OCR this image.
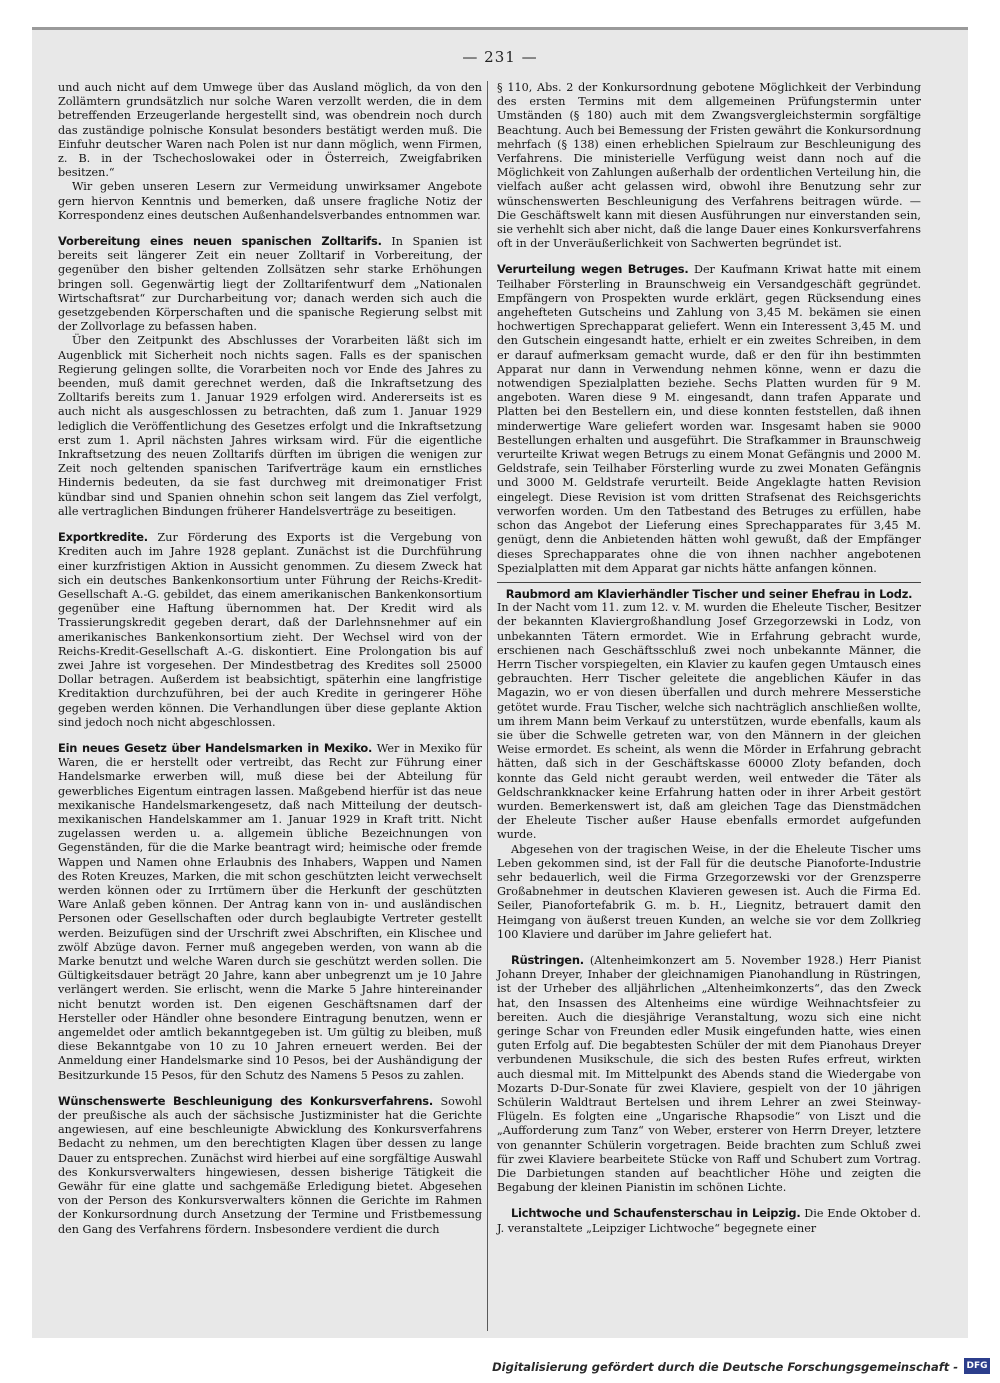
— 231 —

und auch nicht auf dem Umwege über das Ausland möglich, da von den Zollämtern grundsätzlich nur solche Waren verzollt werden, die in dem betreffenden Erzeugerlande hergestellt sind, was obendrein noch durch das zuständige polnische Konsulat besonders bestätigt werden muß. Die Einfuhr deutscher Waren nach Polen ist nur dann möglich, wenn Firmen, z. B. in der Tschechoslowakei oder in Österreich, Zweigfabriken besitzen.“

Wir geben unseren Lesern zur Vermeidung unwirksamer Angebote gern hiervon Kenntnis und bemerken, daß unsere fragliche Notiz der Korrespondenz eines deutschen Außenhandelsverbandes entnommen war.

Vorbereitung eines neuen spanischen Zolltarifs. In Spanien ist bereits seit längerer Zeit ein neuer Zolltarif in Vorbereitung, der gegenüber den bisher geltenden Zollsätzen sehr starke Erhöhungen bringen soll. Gegenwärtig liegt der Zolltarifentwurf dem „Nationalen Wirtschaftsrat“ zur Durcharbeitung vor; danach werden sich auch die gesetzgebenden Körperschaften und die spanische Regierung selbst mit der Zollvorlage zu befassen haben.

Über den Zeitpunkt des Abschlusses der Vorarbeiten läßt sich im Augenblick mit Sicherheit noch nichts sagen. Falls es der spanischen Regierung gelingen sollte, die Vorarbeiten noch vor Ende des Jahres zu beenden, muß damit gerechnet werden, daß die Inkraftsetzung des Zolltarifs bereits zum 1. Januar 1929 erfolgen wird. Andererseits ist es auch nicht als ausgeschlossen zu betrachten, daß zum 1. Januar 1929 lediglich die Veröffentlichung des Gesetzes erfolgt und die Inkraftsetzung erst zum 1. April nächsten Jahres wirksam wird. Für die eigentliche Inkraftsetzung des neuen Zolltarifs dürften im übrigen die wenigen zur Zeit noch geltenden spanischen Tarifverträge kaum ein ernstliches Hindernis bedeuten, da sie fast durchweg mit dreimonatiger Frist kündbar sind und Spanien ohnehin schon seit langem das Ziel verfolgt, alle vertraglichen Bindungen früherer Handelsverträge zu beseitigen.

Exportkredite. Zur Förderung des Exports ist die Vergebung von Krediten auch im Jahre 1928 geplant. Zunächst ist die Durchführung einer kurzfristigen Aktion in Aussicht genommen. Zu diesem Zweck hat sich ein deutsches Bankenkonsortium unter Führung der Reichs-Kredit-Gesellschaft A.-G. gebildet, das einem amerikanischen Bankenkonsortium gegenüber eine Haftung übernommen hat. Der Kredit wird als Trassierungskredit gegeben derart, daß der Darlehnsnehmer auf ein amerikanisches Bankenkonsortium zieht. Der Wechsel wird von der Reichs-Kredit-Gesellschaft A.-G. diskontiert. Eine Prolongation bis auf zwei Jahre ist vorgesehen. Der Mindestbetrag des Kredites soll 25000 Dollar betragen. Außerdem ist beabsichtigt, späterhin eine langfristige Kreditaktion durchzuführen, bei der auch Kredite in geringerer Höhe gegeben werden können. Die Verhandlungen über diese geplante Aktion sind jedoch noch nicht abgeschlossen.

Ein neues Gesetz über Handelsmarken in Mexiko. Wer in Mexiko für Waren, die er herstellt oder vertreibt, das Recht zur Führung einer Handelsmarke erwerben will, muß diese bei der Abteilung für gewerbliches Eigentum eintragen lassen. Maßgebend hierfür ist das neue mexikanische Handelsmarkengesetz, daß nach Mitteilung der deutsch-mexikanischen Handelskammer am 1. Januar 1929 in Kraft tritt. Nicht zugelassen werden u. a. allgemein übliche Bezeichnungen von Gegenständen, für die die Marke beantragt wird; heimische oder fremde Wappen und Namen ohne Erlaubnis des Inhabers, Wappen und Namen des Roten Kreuzes, Marken, die mit schon geschützten leicht verwechselt werden können oder zu Irrtümern über die Herkunft der geschützten Ware Anlaß geben können. Der Antrag kann von in- und ausländischen Personen oder Gesellschaften oder durch beglaubigte Vertreter gestellt werden. Beizufügen sind der Urschrift zwei Abschriften, ein Klischee und zwölf Abzüge davon. Ferner muß angegeben werden, von wann ab die Marke benutzt und welche Waren durch sie geschützt werden sollen. Die Gültigkeitsdauer beträgt 20 Jahre, kann aber unbegrenzt um je 10 Jahre verlängert werden. Sie erlischt, wenn die Marke 5 Jahre hintereinander nicht benutzt worden ist. Den eigenen Geschäftsnamen darf der Hersteller oder Händler ohne besondere Eintragung benutzen, wenn er angemeldet oder amtlich bekanntgegeben ist. Um gültig zu bleiben, muß diese Bekanntgabe von 10 zu 10 Jahren erneuert werden. Bei der Anmeldung einer Handelsmarke sind 10 Pesos, bei der Aushändigung der Besitzurkunde 15 Pesos, für den Schutz des Namens 5 Pesos zu zahlen.

Wünschenswerte Beschleunigung des Konkursverfahrens. Sowohl der preußische als auch der sächsische Justizminister hat die Gerichte angewiesen, auf eine beschleunigte Abwicklung des Konkursverfahrens Bedacht zu nehmen, um den berechtigten Klagen über dessen zu lange Dauer zu entsprechen. Zunächst wird hierbei auf eine sorgfältige Auswahl des Konkursverwalters hingewiesen, dessen bisherige Tätigkeit die Gewähr für eine glatte und sachgemäße Erledigung bietet. Abgesehen von der Person des Konkursverwalters können die Gerichte im Rahmen der Konkursordnung durch Ansetzung der Termine und Fristbemessung den Gang des Verfahrens fördern. Insbesondere verdient die durch

§ 110, Abs. 2 der Konkursordnung gebotene Möglichkeit der Verbindung des ersten Termins mit dem allgemeinen Prüfungstermin unter Umständen (§ 180) auch mit dem Zwangsvergleichstermin sorgfältige Beachtung. Auch bei Bemessung der Fristen gewährt die Konkursordnung mehrfach (§ 138) einen erheblichen Spielraum zur Beschleunigung des Verfahrens. Die ministerielle Verfügung weist dann noch auf die Möglichkeit von Zahlungen außerhalb der ordentlichen Verteilung hin, die vielfach außer acht gelassen wird, obwohl ihre Benutzung sehr zur wünschenswerten Beschleunigung des Verfahrens beitragen würde. — Die Geschäftswelt kann mit diesen Ausführungen nur einverstanden sein, sie verhehlt sich aber nicht, daß die lange Dauer eines Konkursverfahrens oft in der Unveräußerlichkeit von Sachwerten begründet ist.

Verurteilung wegen Betruges. Der Kaufmann Kriwat hatte mit einem Teilhaber Försterling in Braunschweig ein Versandgeschäft gegründet. Empfängern von Prospekten wurde erklärt, gegen Rücksendung eines angehefteten Gutscheins und Zahlung von 3,45 M. bekämen sie einen hochwertigen Sprechapparat geliefert. Wenn ein Interessent 3,45 M. und den Gutschein eingesandt hatte, erhielt er ein zweites Schreiben, in dem er darauf aufmerksam gemacht wurde, daß er den für ihn bestimmten Apparat nur dann in Verwendung nehmen könne, wenn er dazu die notwendigen Spezialplatten beziehe. Sechs Platten wurden für 9 M. angeboten. Waren diese 9 M. eingesandt, dann trafen Apparate und Platten bei den Bestellern ein, und diese konnten feststellen, daß ihnen minderwertige Ware geliefert worden war. Insgesamt haben sie 9000 Bestellungen erhalten und ausgeführt. Die Strafkammer in Braunschweig verurteilte Kriwat wegen Betrugs zu einem Monat Gefängnis und 2000 M. Geldstrafe, sein Teilhaber Försterling wurde zu zwei Monaten Gefängnis und 3000 M. Geldstrafe verurteilt. Beide Angeklagte hatten Revision eingelegt. Diese Revision ist vom dritten Strafsenat des Reichsgerichts verworfen worden. Um den Tatbestand des Betruges zu erfüllen, habe schon das Angebot der Lieferung eines Sprechapparates für 3,45 M. genügt, denn die Anbietenden hätten wohl gewußt, daß der Empfänger dieses Sprechapparates ohne die von ihnen nachher angebotenen Spezialplatten mit dem Apparat gar nichts hätte anfangen können.

Raubmord am Klavierhändler Tischer und seiner Ehefrau in Lodz.

In der Nacht vom 11. zum 12. v. M. wurden die Eheleute Tischer, Besitzer der bekannten Klaviergroßhandlung Josef Grzegorzewski in Lodz, von unbekannten Tätern ermordet. Wie in Erfahrung gebracht wurde, erschienen nach Geschäftsschluß zwei noch unbekannte Männer, die Herrn Tischer vorspiegelten, ein Klavier zu kaufen gegen Umtausch eines gebrauchten. Herr Tischer geleitete die angeblichen Käufer in das Magazin, wo er von diesen überfallen und durch mehrere Messerstiche getötet wurde. Frau Tischer, welche sich nachträglich anschließen wollte, um ihrem Mann beim Verkauf zu unterstützen, wurde ebenfalls, kaum als sie über die Schwelle getreten war, von den Männern in der gleichen Weise ermordet. Es scheint, als wenn die Mörder in Erfahrung gebracht hätten, daß sich in der Geschäftskasse 60000 Zloty befanden, doch konnte das Geld nicht geraubt werden, weil entweder die Täter als Geldschrankknacker keine Erfahrung hatten oder in ihrer Arbeit gestört wurden. Bemerkenswert ist, daß am gleichen Tage das Dienstmädchen der Eheleute Tischer außer Hause ebenfalls ermordet aufgefunden wurde.

Abgesehen von der tragischen Weise, in der die Eheleute Tischer ums Leben gekommen sind, ist der Fall für die deutsche Pianoforte-Industrie sehr bedauerlich, weil die Firma Grzegorzewski vor der Grenzsperre Großabnehmer in deutschen Klavieren gewesen ist. Auch die Firma Ed. Seiler, Pianofortefabrik G. m. b. H., Liegnitz, betrauert damit den Heimgang von äußerst treuen Kunden, an welche sie vor dem Zollkrieg 100 Klaviere und darüber im Jahre geliefert hat.

Rüstringen. (Altenheimkonzert am 5. November 1928.) Herr Pianist Johann Dreyer, Inhaber der gleichnamigen Pianohandlung in Rüstringen, ist der Urheber des alljährlichen „Altenheimkonzerts“, das den Zweck hat, den Insassen des Altenheims eine würdige Weihnachtsfeier zu bereiten. Auch die diesjährige Veranstaltung, wozu sich eine nicht geringe Schar von Freunden edler Musik eingefunden hatte, wies einen guten Erfolg auf. Die begabtesten Schüler der mit dem Pianohaus Dreyer verbundenen Musikschule, die sich des besten Rufes erfreut, wirkten auch diesmal mit. Im Mittelpunkt des Abends stand die Wiedergabe von Mozarts D-Dur-Sonate für zwei Klaviere, gespielt von der 10 jährigen Schülerin Waldtraut Bertelsen und ihrem Lehrer an zwei Steinway-Flügeln. Es folgten eine „Ungarische Rhapsodie“ von Liszt und die „Aufforderung zum Tanz“ von Weber, ersterer von Herrn Dreyer, letztere von genannter Schülerin vorgetragen. Beide brachten zum Schluß zwei für zwei Klaviere bearbeitete Stücke von Raff und Schubert zum Vortrag. Die Darbietungen standen auf beachtlicher Höhe und zeigten die Begabung der kleinen Pianistin im schönen Lichte.

Lichtwoche und Schaufensterschau in Leipzig. Die Ende Oktober d. J. veranstaltete „Leipziger Lichtwoche“ begegnete einer

Digitalisierung gefördert durch die Deutsche Forschungsgemeinschaft - DFG
